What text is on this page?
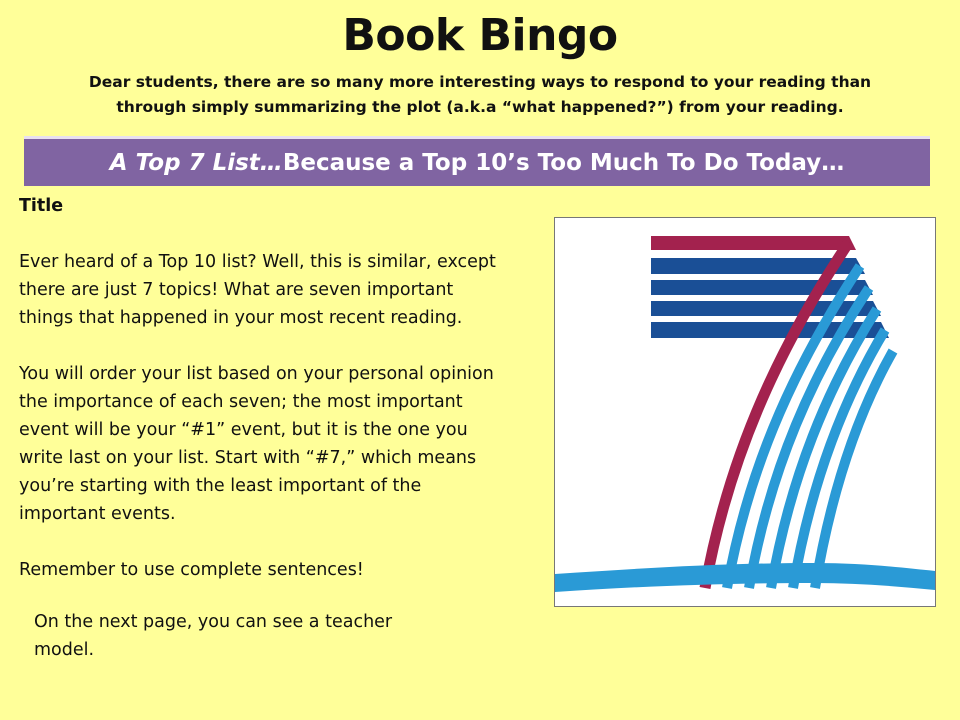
Book Bingo
Dear students, there are so many more interesting ways to respond to your reading than
through simply summarizing the plot (a.k.a “what happened?”) from your reading.
A Top 7 List… Because a Top 10’s Too Much To Do Today…

Title

Ever heard of a Top 10 list? Well, this is similar, except

there are just 7 topics! What are seven important

things that happened in your most recent reading.

You will order your list based on your personal opinion

the importance of each seven; the most important

event will be your “#1” event, but it is the one you

write last on your list. Start with “#7,” which means

you’re starting with the least important of the

important events.

Remember to use complete sentences!

On the next page, you can see a teacher
model.
